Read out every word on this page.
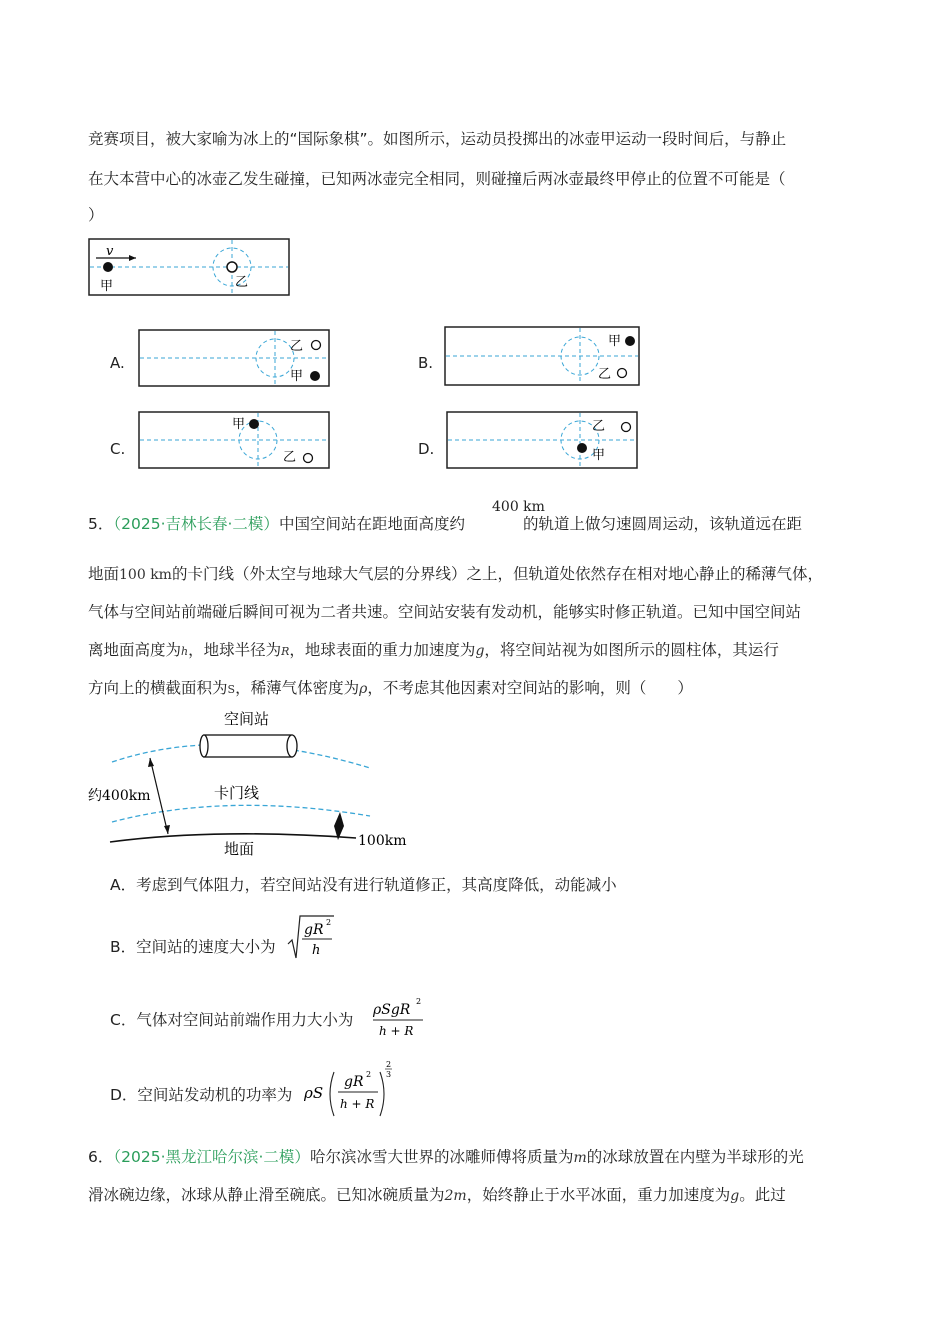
竞赛项目，被大家喻为冰上的“国际象棋”。如图所示，运动员投掷出的冰壶甲运动一段时间后，与静止
在大本营中心的冰壶乙发生碰撞，已知两冰壶完全相同，则碰撞后两冰壶最终甲停止的位置不可能是（
）
v
甲	乙
A.
乙
甲
B.
甲
乙
C.
甲
乙	D.
乙
甲
400 km
5．（2025·吉林长春·二模）中国空间站在距地面高度约	的轨道上做匀速圆周运动，该轨道远在距
地面100 km的卡门线（外太空与地球大气层的分界线）之上，但轨道处依然存在相对地心静止的稀薄气体，
气体与空间站前端碰后瞬间可视为二者共速。空间站安装有发动机，能够实时修正轨道。已知中国空间站
离地面高度为h，地球半径为R，地球表面的重力加速度为g，将空间站视为如图所示的圆柱体，其运行
方向上的横截面积为S，稀薄气体密度为ρ，不考虑其他因素对空间站的影响，则（　　）
空间站
约400km	卡门线
100km
地面
A．考虑到气体阻力，若空间站没有进行轨道修正，其高度降低，动能减小
B．空间站的速度大小为
gR 2
h
C．气体对空间站前端作用力大小为
ρSgR
2
h + R
D．空间站发动机的功率为 ρS
gR 2
h + R
2
3
6．（2025·黑龙江哈尔滨·二模）哈尔滨冰雪大世界的冰雕师傅将质量为m的冰球放置在内壁为半球形的光
滑冰碗边缘，冰球从静止滑至碗底。已知冰碗质量为2m，始终静止于水平冰面，重力加速度为g。此过
